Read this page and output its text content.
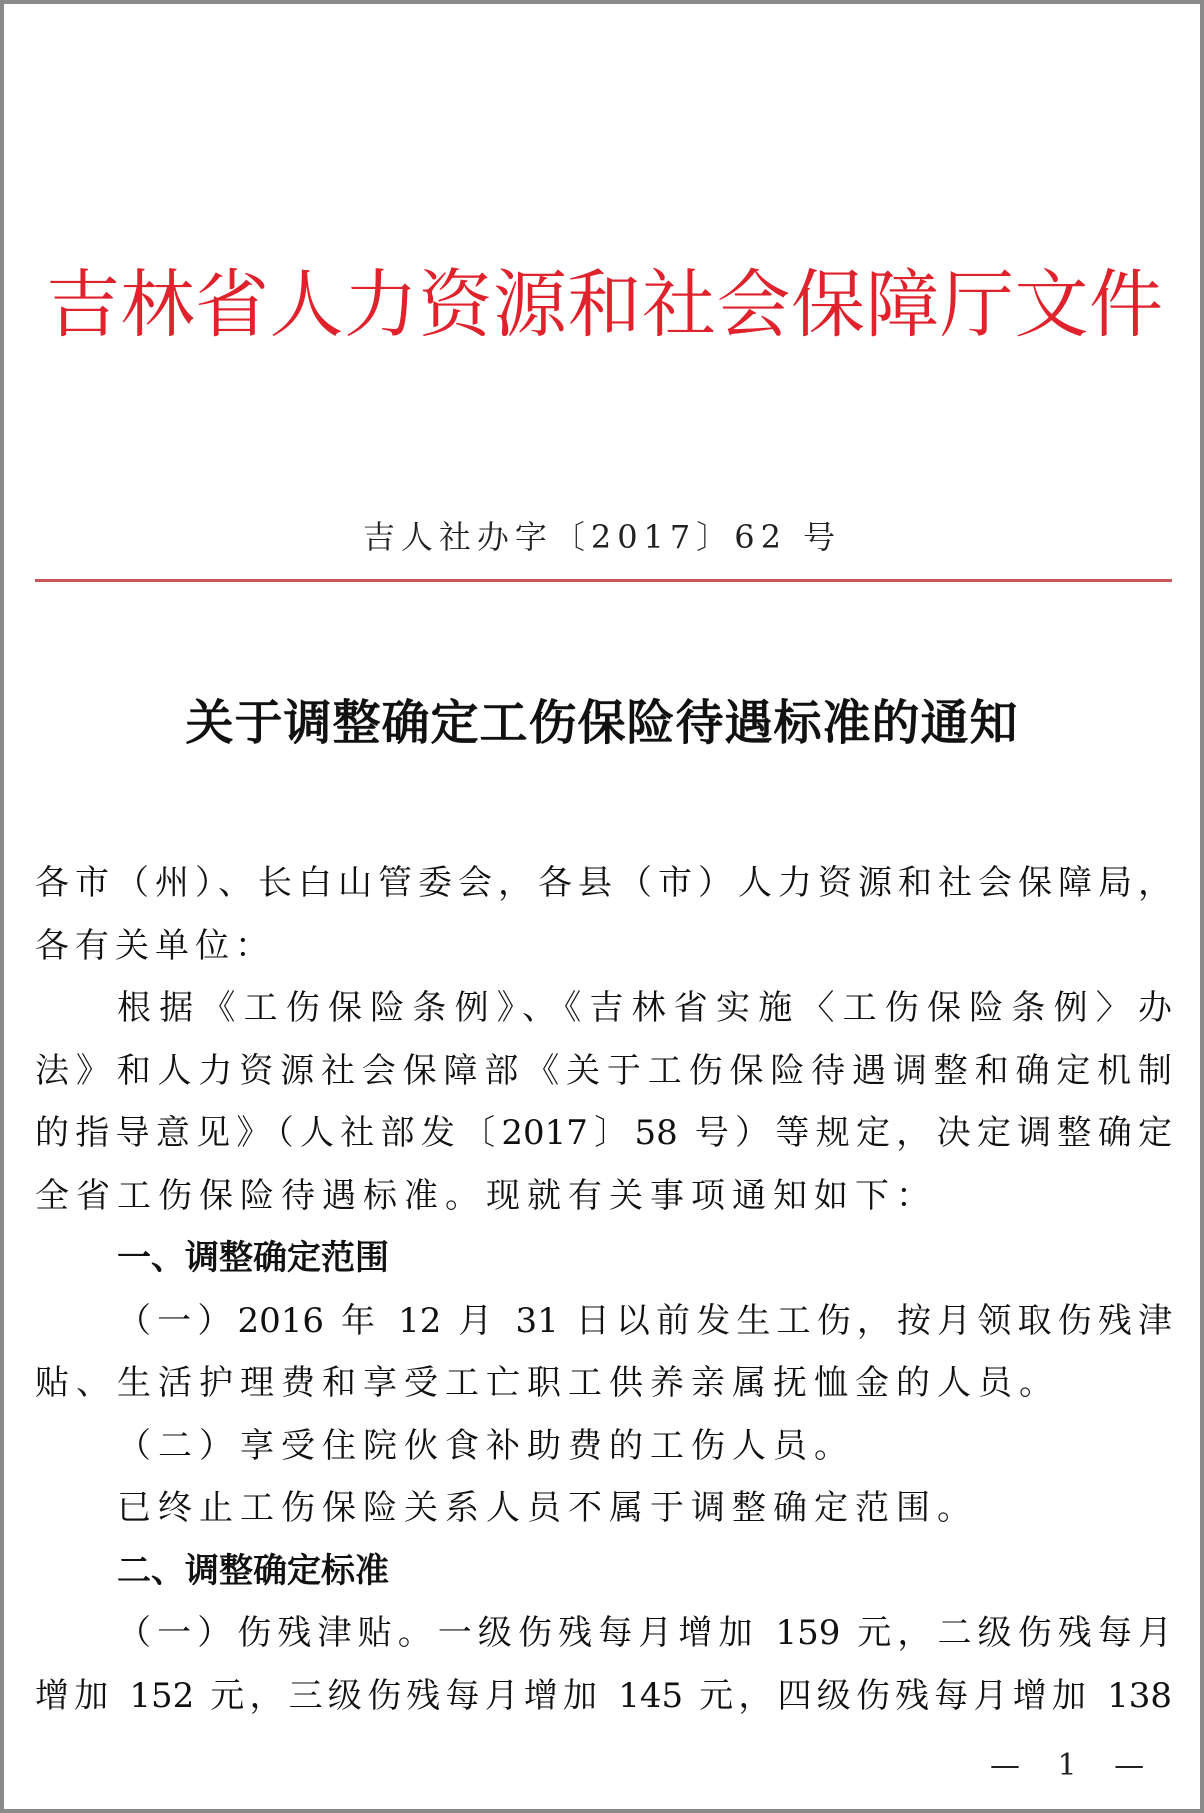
吉林省人力资源和社会保障厅文件
吉人社办字〔2017〕62 号
关于调整确定工伤保险待遇标准的通知
各市（州）、长白山管委会，各县（市）人力资源和社会保障局，
各有关单位：
根据《工伤保险条例》、《吉林省实施〈工伤保险条例〉办
法》和人力资源社会保障部《关于工伤保险待遇调整和确定机制
的指导意见》（人社部发〔2017〕58 号）等规定，决定调整确定
全省工伤保险待遇标准。现就有关事项通知如下：
一、调整确定范围
（一）2016 年 12 月 31 日以前发生工伤，按月领取伤残津
贴、生活护理费和享受工亡职工供养亲属抚恤金的人员。
（二）享受住院伙食补助费的工伤人员。
已终止工伤保险关系人员不属于调整确定范围。
二、调整确定标准
（一）伤残津贴。一级伤残每月增加 159 元，二级伤残每月
增加 152 元，三级伤残每月增加 145 元，四级伤残每月增加 138
— 1 —
